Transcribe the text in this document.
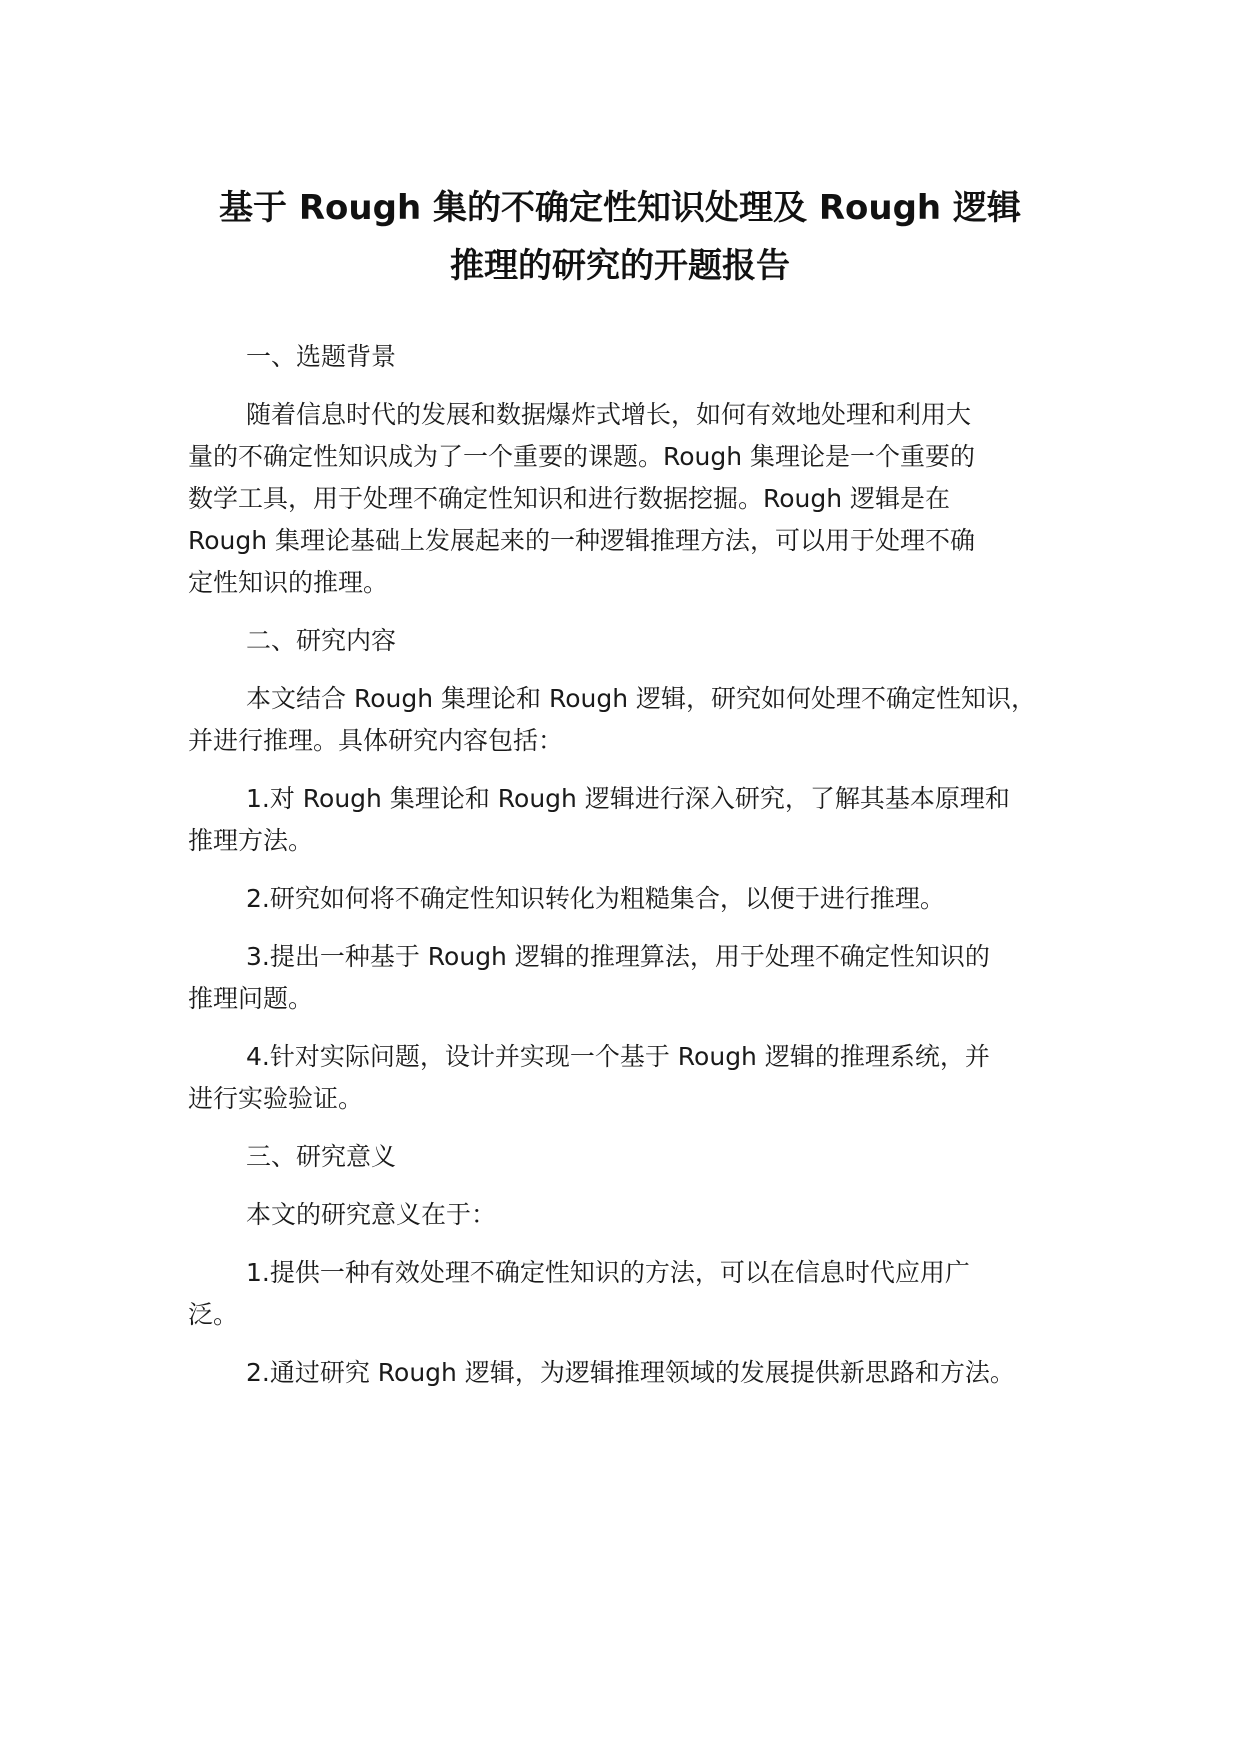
基于 Rough 集的不确定性知识处理及 Rough 逻辑
推理的研究的开题报告
一、选题背景
随着信息时代的发展和数据爆炸式增长，如何有效地处理和利用大
量的不确定性知识成为了一个重要的课题。Rough 集理论是一个重要的
数学工具，用于处理不确定性知识和进行数据挖掘。Rough 逻辑是在
Rough 集理论基础上发展起来的一种逻辑推理方法，可以用于处理不确
定性知识的推理。
二、研究内容
本文结合 Rough 集理论和 Rough 逻辑，研究如何处理不确定性知识，
并进行推理。具体研究内容包括：
1.对 Rough 集理论和 Rough 逻辑进行深入研究，了解其基本原理和
推理方法。
2.研究如何将不确定性知识转化为粗糙集合，以便于进行推理。
3.提出一种基于 Rough 逻辑的推理算法，用于处理不确定性知识的
推理问题。
4.针对实际问题，设计并实现一个基于 Rough 逻辑的推理系统，并
进行实验验证。
三、研究意义
本文的研究意义在于：
1.提供一种有效处理不确定性知识的方法，可以在信息时代应用广
泛。
2.通过研究 Rough 逻辑，为逻辑推理领域的发展提供新思路和方法。
